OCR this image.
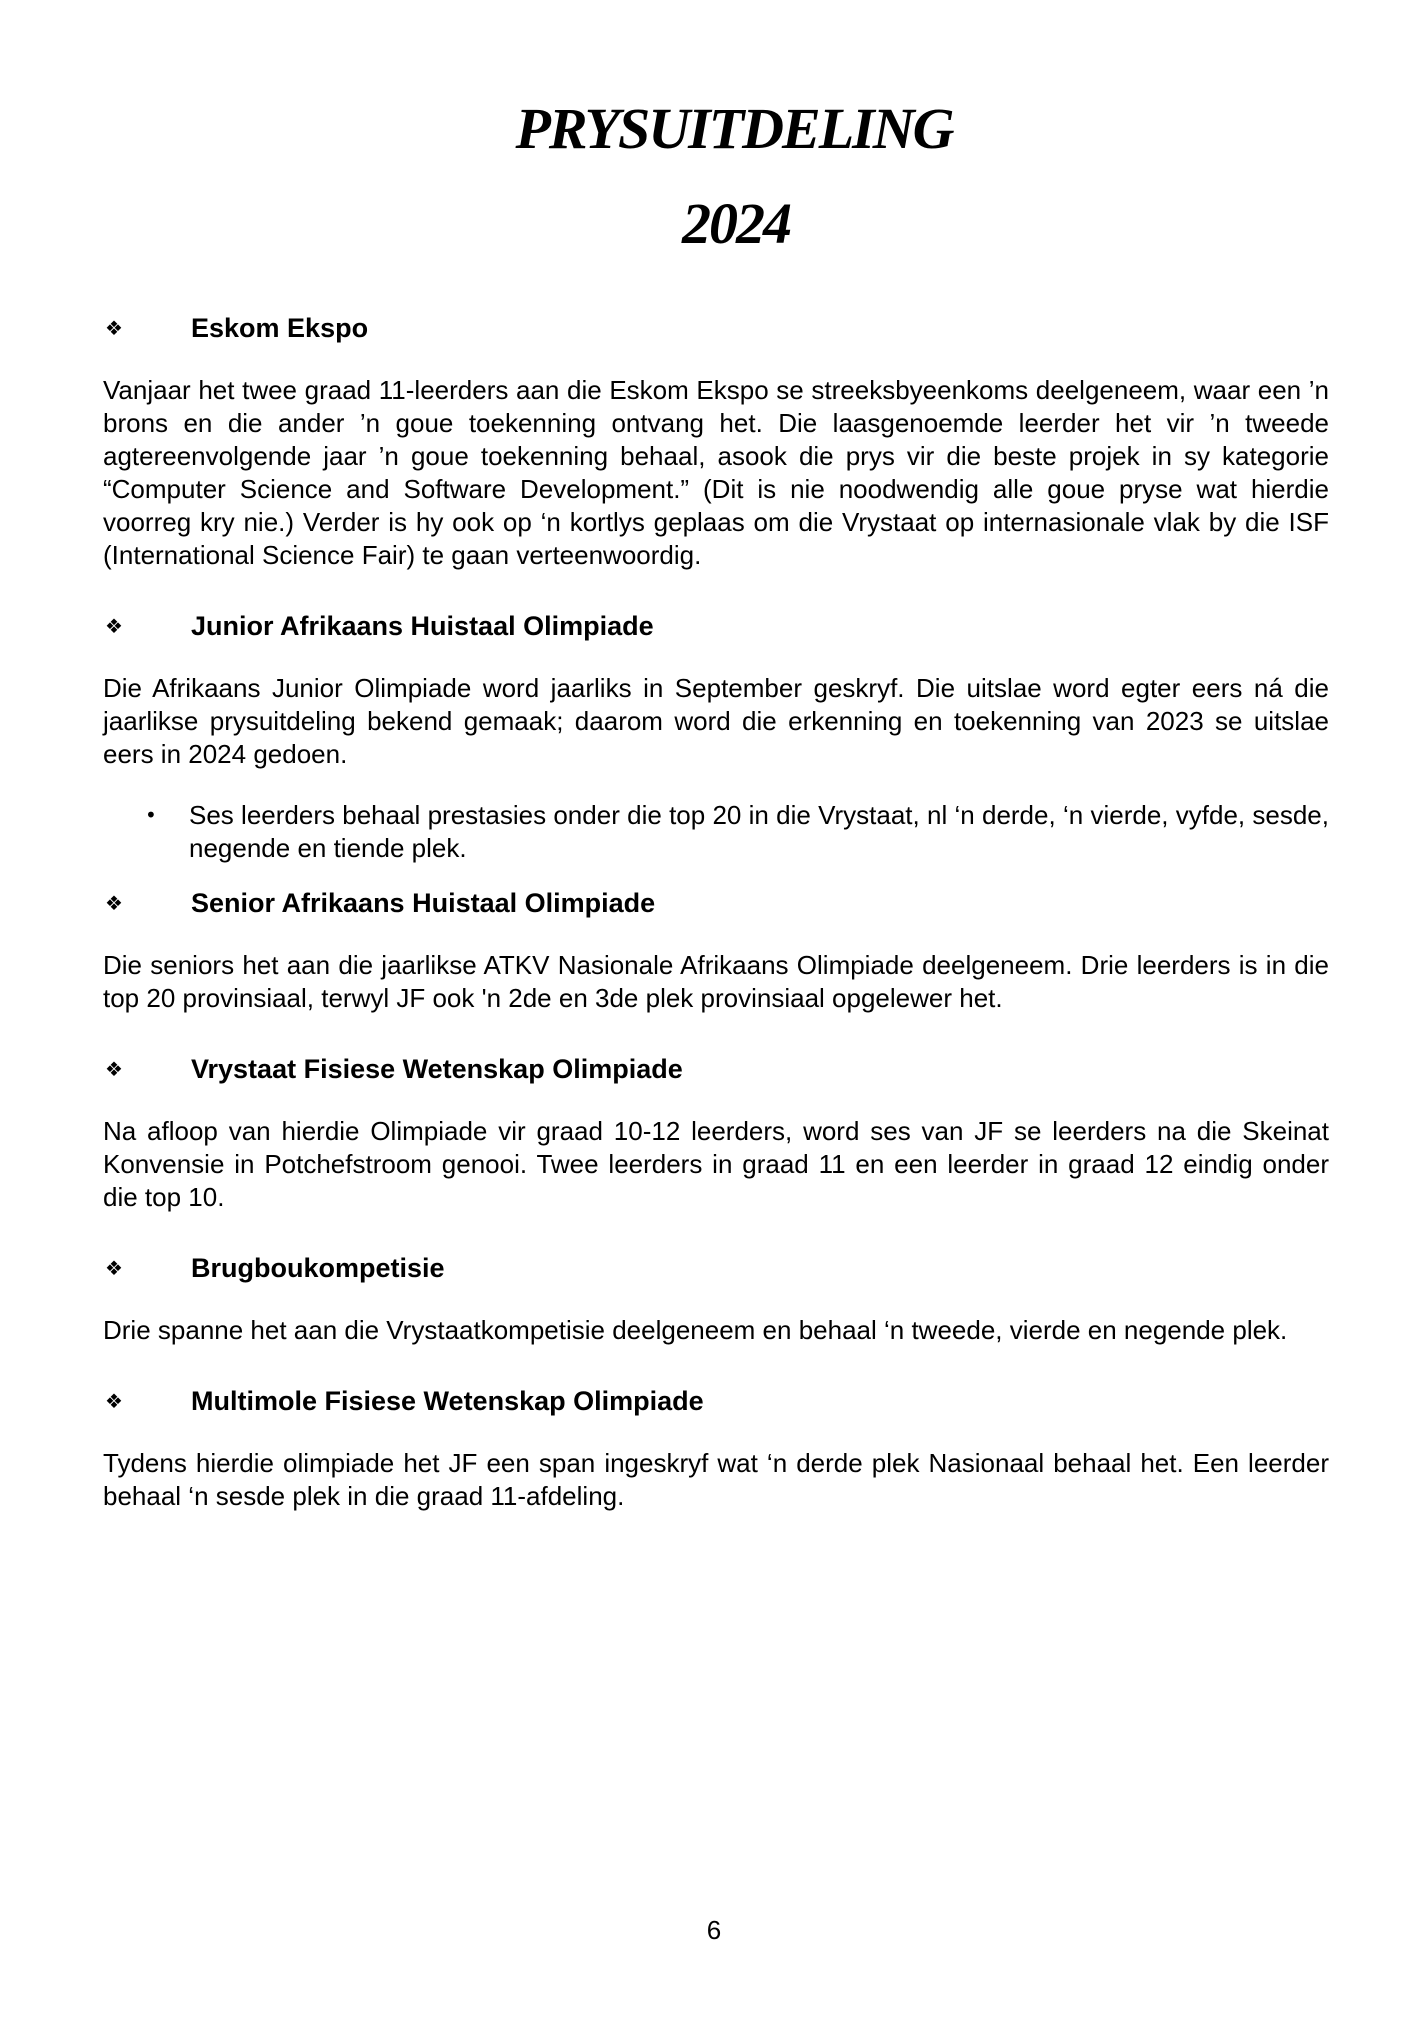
PRYSUITDELING
2024
❖	Eskom Ekspo

Vanjaar het twee graad 11-leerders aan die Eskom Ekspo se streeksbyeenkoms deelgeneem, waar een ’n brons en die ander ’n goue toekenning ontvang het. Die laasgenoemde leerder het vir ’n tweede agtereenvolgende jaar ’n goue toekenning behaal, asook die prys vir die beste projek in sy kategorie “Computer Science and Software Development.” (Dit is nie noodwendig alle goue pryse wat hierdie voorreg kry nie.) Verder is hy ook op ‘n kortlys geplaas om die Vrystaat op internasionale vlak by die ISF (International Science Fair) te gaan verteenwoordig.

❖	Junior Afrikaans Huistaal Olimpiade

Die Afrikaans Junior Olimpiade word jaarliks in September geskryf. Die uitslae word egter eers ná die jaarlikse prysuitdeling bekend gemaak; daarom word die erkenning en toekenning van 2023 se uitslae eers in 2024 gedoen.

•	Ses leerders behaal prestasies onder die top 20 in die Vrystaat, nl ‘n derde, ‘n vierde, vyfde, sesde, negende en tiende plek.
❖	Senior Afrikaans Huistaal Olimpiade

Die seniors het aan die jaarlikse ATKV Nasionale Afrikaans Olimpiade deelgeneem. Drie leerders is in die top 20 provinsiaal, terwyl JF ook 'n 2de en 3de plek provinsiaal opgelewer het.

❖	Vrystaat Fisiese Wetenskap Olimpiade

Na afloop van hierdie Olimpiade vir graad 10-12 leerders, word ses van JF se leerders na die Skeinat Konvensie in Potchefstroom genooi. Twee leerders in graad 11 en een leerder in graad 12 eindig onder die top 10.

❖	Brugboukompetisie

Drie spanne het aan die Vrystaatkompetisie deelgeneem en behaal ‘n tweede, vierde en negende plek.

❖	Multimole Fisiese Wetenskap Olimpiade

Tydens hierdie olimpiade het JF een span ingeskryf wat ‘n derde plek Nasionaal behaal het. Een leerder behaal ‘n sesde plek in die graad 11-afdeling.

6
